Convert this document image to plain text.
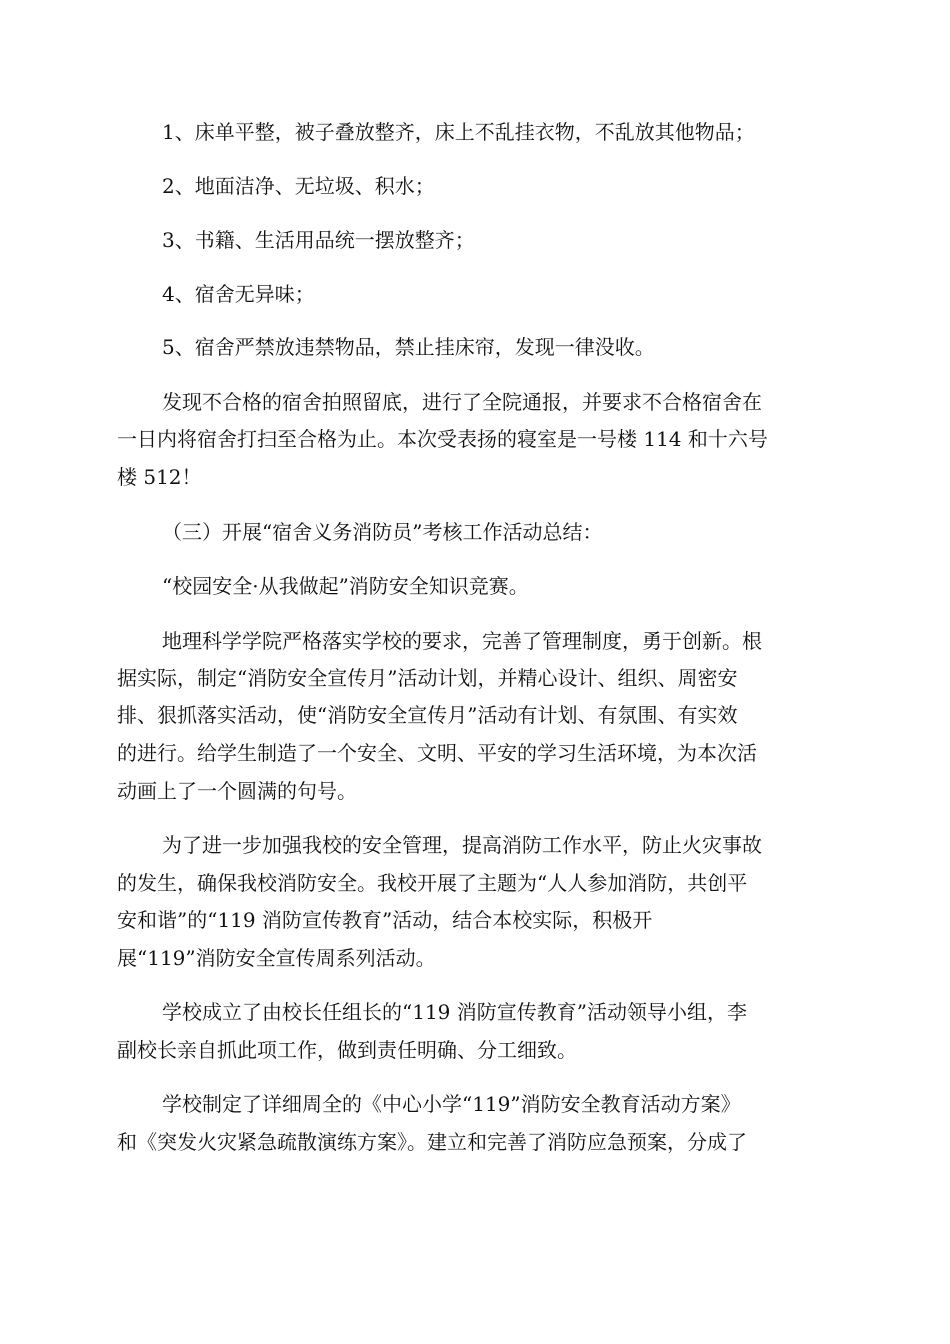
1、床单平整，被子叠放整齐，床上不乱挂衣物，不乱放其他物品；
2、地面洁净、无垃圾、积水；
3、书籍、生活用品统一摆放整齐；
4、宿舍无异味；
5、宿舍严禁放违禁物品，禁止挂床帘，发现一律没收。
发现不合格的宿舍拍照留底，进行了全院通报，并要求不合格宿舍在
一日内将宿舍打扫至合格为止。本次受表扬的寝室是一号楼 114 和十六号
楼 512！
（三）开展“宿舍义务消防员”考核工作活动总结：
“校园安全·从我做起”消防安全知识竞赛。
地理科学学院严格落实学校的要求，完善了管理制度，勇于创新。根
据实际，制定“消防安全宣传月”活动计划，并精心设计、组织、周密安
排、狠抓落实活动，使“消防安全宣传月”活动有计划、有氛围、有实效
的进行。给学生制造了一个安全、文明、平安的学习生活环境，为本次活
动画上了一个圆满的句号。
为了进一步加强我校的安全管理，提高消防工作水平，防止火灾事故
的发生，确保我校消防安全。我校开展了主题为“人人参加消防，共创平
安和谐”的“119 消防宣传教育”活动，结合本校实际，积极开
展“119”消防安全宣传周系列活动。
学校成立了由校长任组长的“119 消防宣传教育”活动领导小组，李
副校长亲自抓此项工作，做到责任明确、分工细致。
学校制定了详细周全的《中心小学“119”消防安全教育活动方案》
和《突发火灾紧急疏散演练方案》。建立和完善了消防应急预案，分成了
